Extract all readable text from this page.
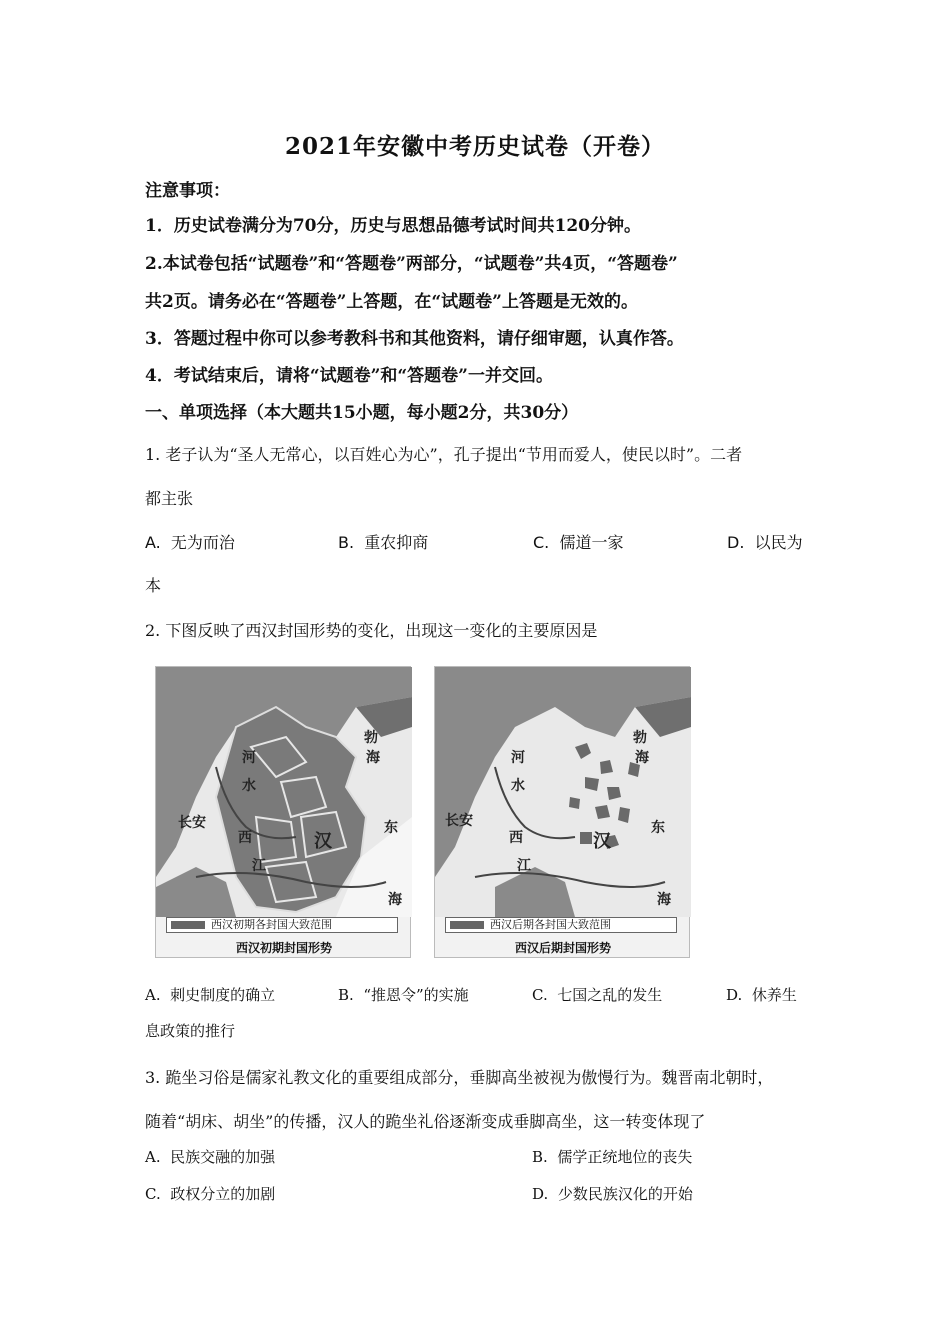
2021年安徽中考历史试卷（开卷）
注意事项：
1．历史试卷满分为70分，历史与思想品德考试时间共120分钟。
2.本试卷包括“试题卷”和“答题卷”两部分，“试题卷”共4页，“答题卷”
共2页。请务必在“答题卷”上答题，在“试题卷”上答题是无效的。
3．答题过程中你可以参考教科书和其他资料，请仔细审题，认真作答。
4．考试结束后，请将“试题卷”和“答题卷”一并交回。
一、单项选择（本大题共15小题，每小题2分，共30分）
1. 老子认为“圣人无常心，以百姓心为心”，孔子提出“节用而爱人，使民以时”。二者
都主张
A. 无为而治	B. 重农抑商	C. 儒道一家	D. 以民为
本
2. 下图反映了西汉封国形势的变化，出现这一变化的主要原因是
河
水
长安
西	汉
江
东
海
勃
海
西汉初期各封国大致范围
西汉初期封国形势
河
水
长安
西	汉
江
东
海
勃
海
西汉后期各封国大致范围
西汉后期封国形势
A. 刺史制度的确立	B. “推恩令”的实施	C. 七国之乱的发生	D. 休养生
息政策的推行
3. 跪坐习俗是儒家礼教文化的重要组成部分，垂脚高坐被视为傲慢行为。魏晋南北朝时，
随着“胡床、胡坐”的传播，汉人的跪坐礼俗逐渐变成垂脚高坐，这一转变体现了
A. 民族交融的加强	B. 儒学正统地位的丧失
C. 政权分立的加剧	D. 少数民族汉化的开始
